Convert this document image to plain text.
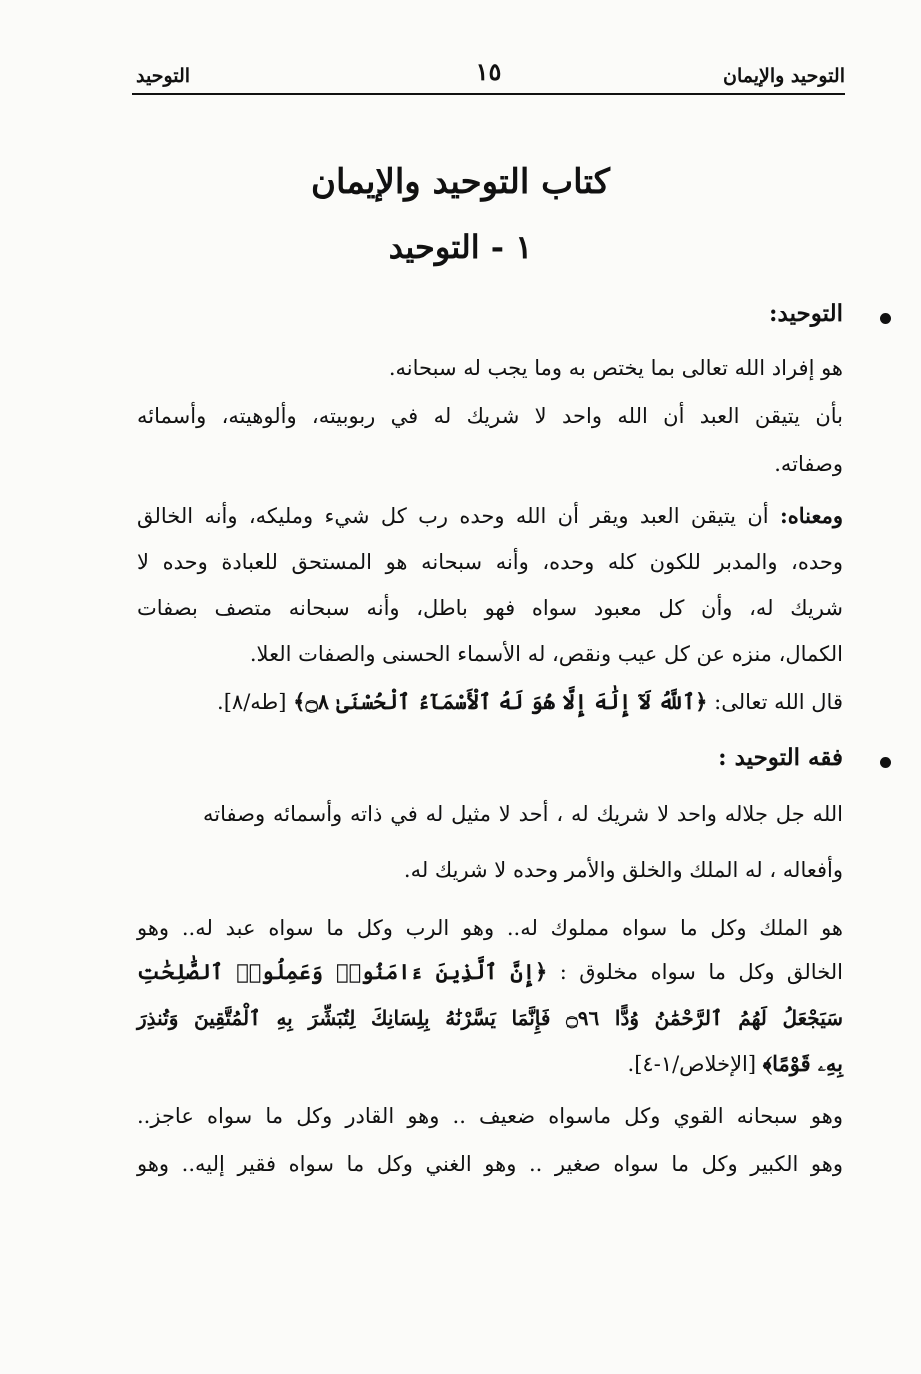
التوحيد والإيمان
١٥
التوحيد
كتاب التوحيد والإيمان
١ - التوحيد
التوحيد:
هو إفراد الله تعالى بما يختص به وما يجب له سبحانه.
بأن يتيقن العبد أن الله واحد لا شريك له في ربوبيته، وألوهيته، وأسمائه
وصفاته.
ومعناه: أن يتيقن العبد ويقر أن الله وحده رب كل شيء ومليكه، وأنه الخالق
وحده، والمدبر للكون كله وحده، وأنه سبحانه هو المستحق للعبادة وحده لا
شريك له، وأن كل معبود سواه فهو باطل، وأنه سبحانه متصف بصفات
الكمال، منزه عن كل عيب ونقص، له الأسماء الحسنى والصفات العلا.
قال الله تعالى: ﴿ٱللَّهُ لَآ إِلَٰهَ إِلَّا هُوَ لَهُ ٱلْأَسْمَآءُ ٱلْحُسْنَىٰ ۝٨﴾ [طه/٨].
فقه التوحيد :
الله جل جلاله واحد لا شريك له ، أحد لا مثيل له في ذاته وأسمائه وصفاته
وأفعاله ، له الملك والخلق والأمر وحده لا شريك له.
هو الملك وكل ما سواه مملوك له.. وهو الرب وكل ما سواه عبد له.. وهو
الخالق وكل ما سواه مخلوق : ﴿إِنَّ ٱلَّذِينَ ءَامَنُوا۟ وَعَمِلُوا۟ ٱلصَّٰلِحَٰتِ
سَيَجْعَلُ لَهُمُ ٱلرَّحْمَٰنُ وُدًّا ۝٩٦ فَإِنَّمَا يَسَّرْنَٰهُ بِلِسَانِكَ لِتُبَشِّرَ بِهِ ٱلْمُتَّقِينَ وَتُنذِرَ
بِهِۦ قَوْمًا﴾ [الإخلاص/١-٤].
وهو سبحانه القوي وكل ماسواه ضعيف .. وهو القادر وكل ما سواه عاجز..
وهو الكبير وكل ما سواه صغير .. وهو الغني وكل ما سواه فقير إليه.. وهو
